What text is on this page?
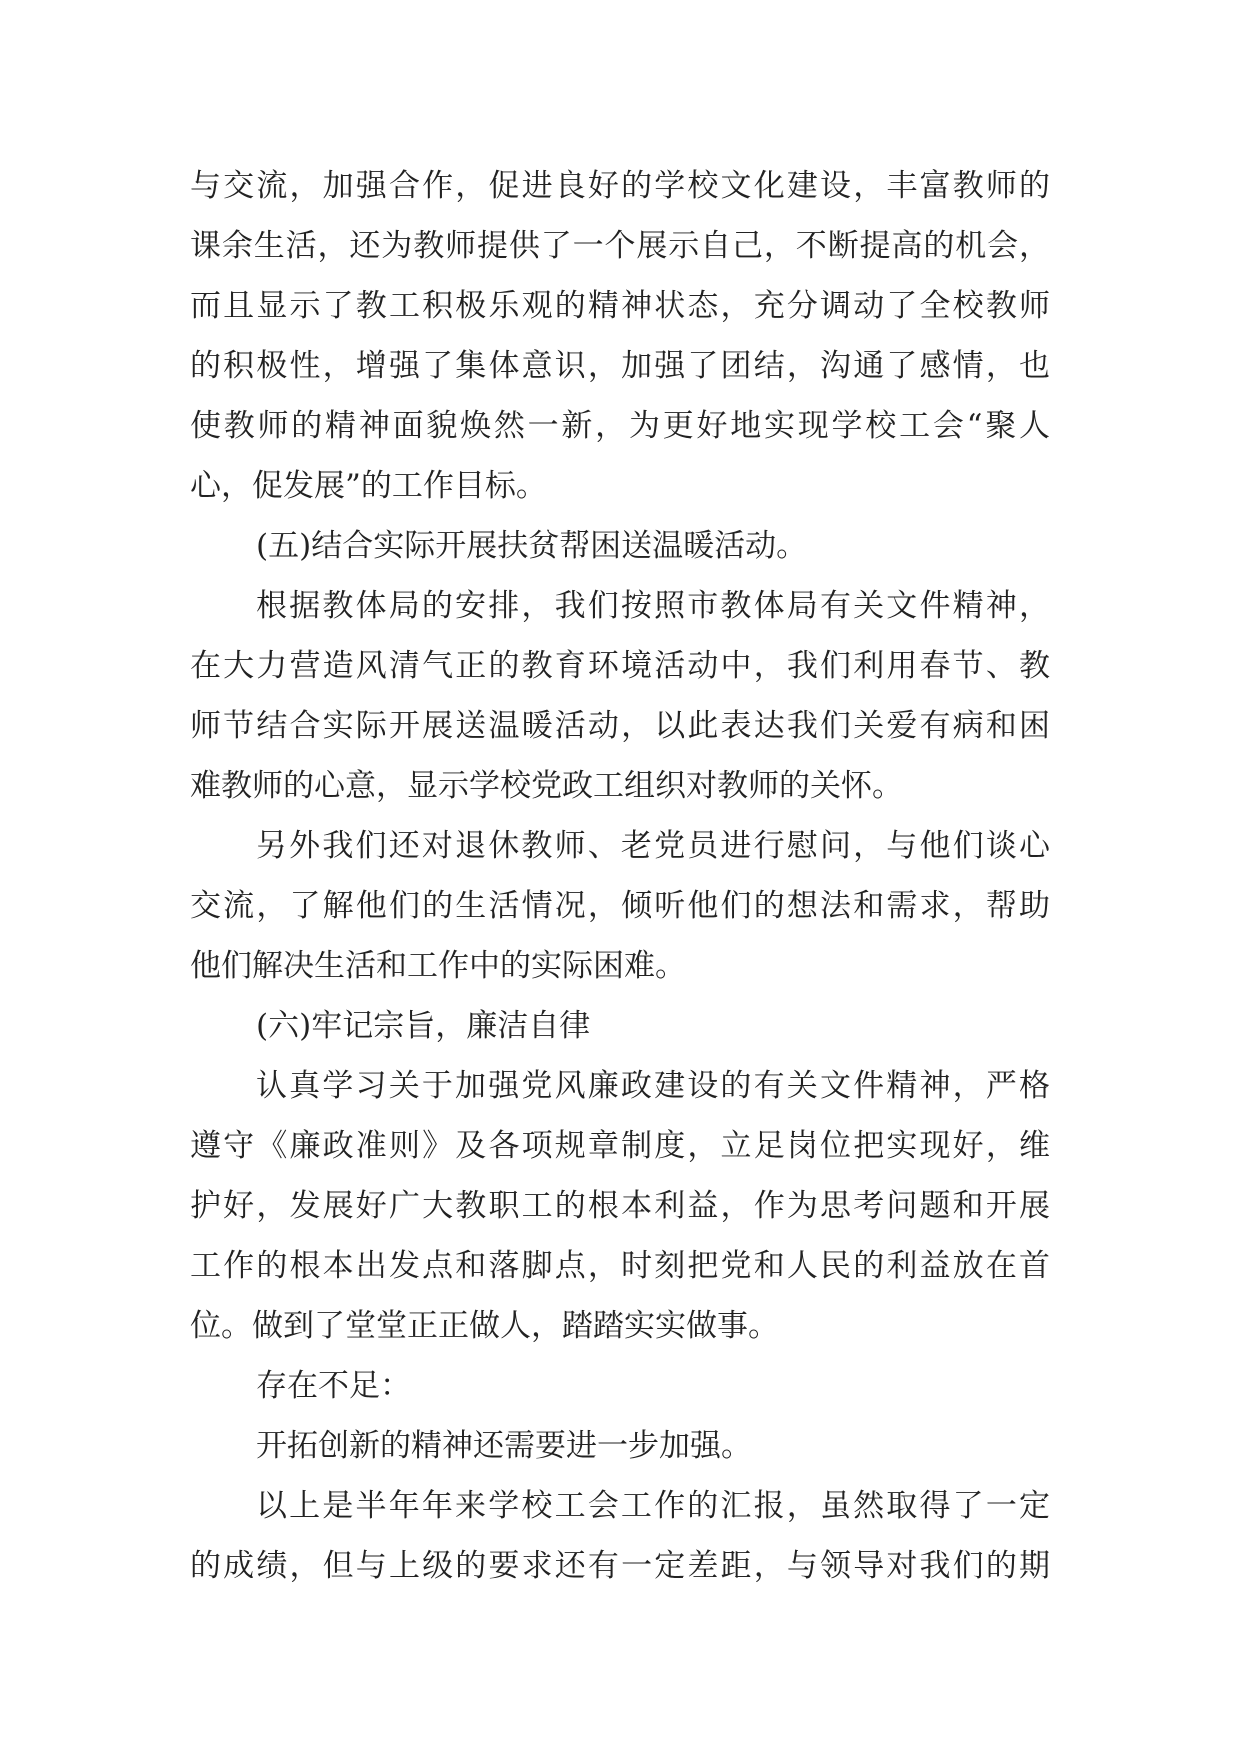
与交流，加强合作，促进良好的学校文化建设，丰富教师的
课余生活，还为教师提供了一个展示自己，不断提高的机会，
而且显示了教工积极乐观的精神状态，充分调动了全校教师
的积极性，增强了集体意识，加强了团结，沟通了感情，也
使教师的精神面貌焕然一新，为更好地实现学校工会“聚人
心，促发展”的工作目标。
(五)结合实际开展扶贫帮困送温暖活动。
根据教体局的安排，我们按照市教体局有关文件精神，
在大力营造风清气正的教育环境活动中，我们利用春节、教
师节结合实际开展送温暖活动，以此表达我们关爱有病和困
难教师的心意，显示学校党政工组织对教师的关怀。
另外我们还对退休教师、老党员进行慰问，与他们谈心
交流，了解他们的生活情况，倾听他们的想法和需求，帮助
他们解决生活和工作中的实际困难。
(六)牢记宗旨，廉洁自律
认真学习关于加强党风廉政建设的有关文件精神，严格
遵守《廉政准则》及各项规章制度，立足岗位把实现好，维
护好，发展好广大教职工的根本利益，作为思考问题和开展
工作的根本出发点和落脚点，时刻把党和人民的利益放在首
位。做到了堂堂正正做人，踏踏实实做事。
存在不足：
开拓创新的精神还需要进一步加强。
以上是半年年来学校工会工作的汇报，虽然取得了一定
的成绩，但与上级的要求还有一定差距，与领导对我们的期
